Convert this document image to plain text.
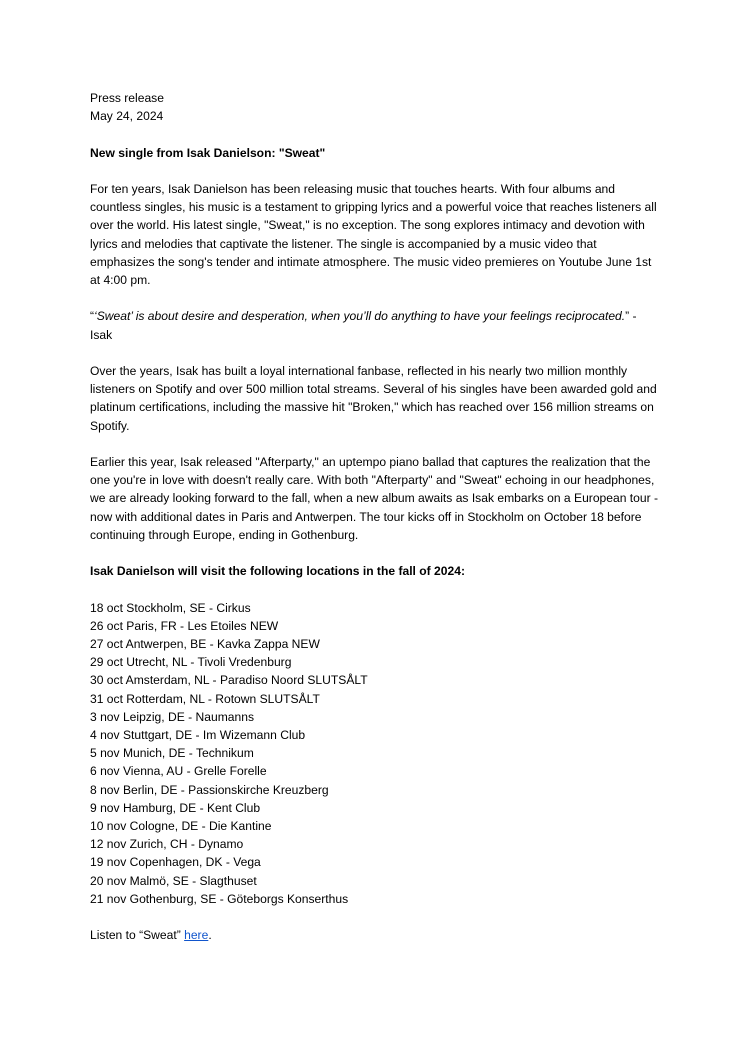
Press release

May 24, 2024

New single from Isak Danielson: "Sweat"

For ten years, Isak Danielson has been releasing music that touches hearts. With four albums and countless singles, his music is a testament to gripping lyrics and a powerful voice that reaches listeners all over the world. His latest single, "Sweat," is no exception. The song explores intimacy and devotion with lyrics and melodies that captivate the listener. The single is accompanied by a music video that emphasizes the song's tender and intimate atmosphere. The music video premieres on Youtube June 1st at 4:00 pm.

“‘Sweat’ is about desire and desperation, when you’ll do anything to have your feelings reciprocated.” - Isak

Over the years, Isak has built a loyal international fanbase, reflected in his nearly two million monthly listeners on Spotify and over 500 million total streams. Several of his singles have been awarded gold and platinum certifications, including the massive hit "Broken," which has reached over 156 million streams on Spotify.

Earlier this year, Isak released "Afterparty," an uptempo piano ballad that captures the realization that the one you're in love with doesn't really care. With both "Afterparty" and "Sweat" echoing in our headphones, we are already looking forward to the fall, when a new album awaits as Isak embarks on a European tour - now with additional dates in Paris and Antwerpen. The tour kicks off in Stockholm on October 18 before continuing through Europe, ending in Gothenburg.

Isak Danielson will visit the following locations in the fall of 2024:

18 oct Stockholm, SE - Cirkus
26 oct Paris, FR - Les Etoiles NEW
27 oct Antwerpen, BE - Kavka Zappa NEW
29 oct Utrecht, NL - Tivoli Vredenburg
30 oct Amsterdam, NL - Paradiso Noord SLUTSÅLT
31 oct Rotterdam, NL - Rotown SLUTSÅLT
3 nov Leipzig, DE - Naumanns
4 nov Stuttgart, DE - Im Wizemann Club
5 nov Munich, DE - Technikum
6 nov Vienna, AU - Grelle Forelle
8 nov Berlin, DE - Passionskirche Kreuzberg
9 nov Hamburg, DE - Kent Club
10 nov Cologne, DE - Die Kantine
12 nov Zurich, CH - Dynamo
19 nov Copenhagen, DK - Vega
20 nov Malmö, SE - Slagthuset
21 nov Gothenburg, SE - Göteborgs Konserthus

Listen to “Sweat” here.
